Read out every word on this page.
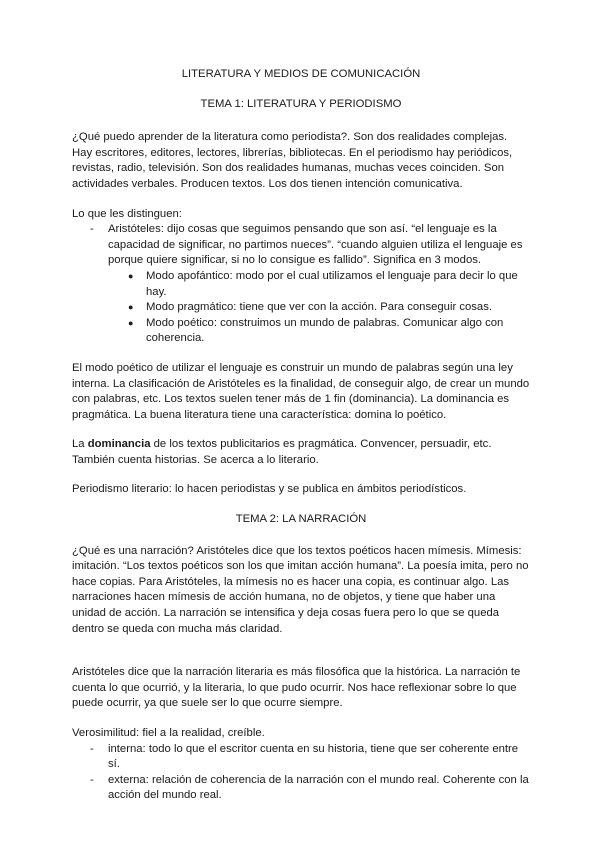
LITERATURA Y MEDIOS DE COMUNICACIÓN

TEMA 1: LITERATURA Y PERIODISMO

¿Qué puedo aprender de la literatura como periodista?. Son dos realidades complejas. Hay escritores, editores, lectores, librerías, bibliotecas. En el periodismo hay periódicos, revistas, radio, televisión. Son dos realidades humanas, muchas veces coinciden. Son actividades verbales. Producen textos. Los dos tienen intención comunicativa.

Lo que les distinguen:

- Aristóteles: dijo cosas que seguimos pensando que son así. “el lenguaje es la capacidad de significar, no partimos nueces”. “cuando alguien utiliza el lenguaje es porque quiere significar, si no lo consigue es fallido”. Significa en 3 modos.
● Modo apofántico: modo por el cual utilizamos el lenguaje para decir lo que hay.
● Modo pragmático: tiene que ver con la acción. Para conseguir cosas.
● Modo poético: construimos un mundo de palabras. Comunicar algo con coherencia.

El modo poético de utilizar el lenguaje es construir un mundo de palabras según una ley interna. La clasificación de Aristóteles es la finalidad, de conseguir algo, de crear un mundo con palabras, etc. Los textos suelen tener más de 1 fin (dominancia). La dominancia es pragmática. La buena literatura tiene una característica: domina lo poético.

La dominancia de los textos publicitarios es pragmática. Convencer, persuadir, etc. También cuenta historias. Se acerca a lo literario.

Periodismo literario: lo hacen periodistas y se publica en ámbitos periodísticos.

TEMA 2: LA NARRACIÓN

¿Qué es una narración? Aristóteles dice que los textos poéticos hacen mímesis. Mímesis: imitación. “Los textos poéticos son los que imitan acción humana”. La poesía imita, pero no hace copias. Para Aristóteles, la mímesis no es hacer una copia, es continuar algo. Las narraciones hacen mímesis de acción humana, no de objetos, y tiene que haber una unidad de acción. La narración se intensifica y deja cosas fuera pero lo que se queda dentro se queda con mucha más claridad.

Aristóteles dice que la narración literaria es más filosófica que la histórica. La narración te cuenta lo que ocurrió, y la literaria, lo que pudo ocurrir. Nos hace reflexionar sobre lo que puede ocurrir, ya que suele ser lo que ocurre siempre.

Verosimilitud: fiel a la realidad, creíble.

- interna: todo lo que el escritor cuenta en su historia, tiene que ser coherente entre sí.
- externa: relación de coherencia de la narración con el mundo real. Coherente con la acción del mundo real.
